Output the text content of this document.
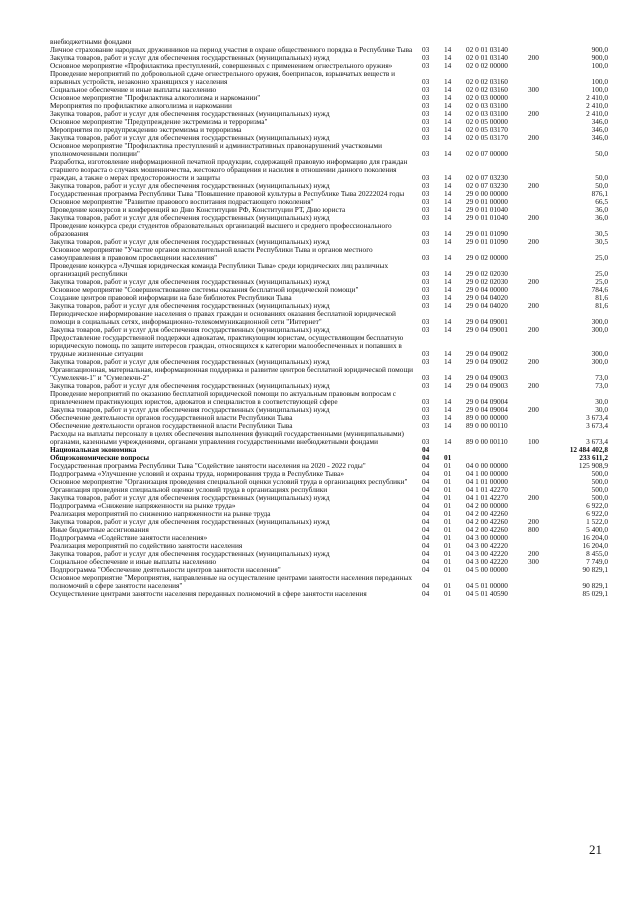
внебюджетными фондами					
Личное страхование народных дружинников на период участия в охране общественного порядка в Республике Тыва	03	14	02 0 01 03140		900,0
Закупка товаров, работ и услуг для обеспечения государственных (муниципальных) нужд	03	14	02 0 01 03140	200	900,0
Основное мероприятие «Профилактика преступлений, совершенных с применением огнестрельного оружия»	03	14	02 0 02 00000		100,0
Проведение мероприятий по добровольной сдаче огнестрельного оружия, боеприпасов, взрывчатых веществ и взрывных устройств, незаконно хранящихся у населения	03	14	02 0 02 03160		100,0
Социальное обеспечение и иные выплаты населению	03	14	02 0 02 03160	300	100,0
Основное мероприятие "Профилактика алкоголизма и наркомании"	03	14	02 0 03 00000		2 410,0
Мероприятия по профилактике алкоголизма и наркомании	03	14	02 0 03 03100		2 410,0
Закупка товаров, работ и услуг для обеспечения государственных (муниципальных) нужд	03	14	02 0 03 03100	200	2 410,0
Основное мероприятие "Предупреждение экстремизма и терроризма"	03	14	02 0 05 00000		346,0
Мероприятия по предупреждению экстремизма и терроризма	03	14	02 0 05 03170		346,0
Закупка товаров, работ и услуг для обеспечения государственных (муниципальных) нужд	03	14	02 0 05 03170	200	346,0
Основное мероприятие "Профилактика преступлений и административных правонарушений участковыми уполномоченными полиции"	03	14	02 0 07 00000		50,0
Разработка, изготовление информационной печатной продукции, содержащей правовую информацию для граждан старшего возраста о случаях мошенничества, жестокого обращения и насилия в отношении данного поколения граждан, а также о мерах предосторожности и защиты	03	14	02 0 07 03230		50,0
Закупка товаров, работ и услуг для обеспечения государственных (муниципальных) нужд	03	14	02 0 07 03230	200	50,0
Государственная программа Республики Тыва "Повышение правовой культуры в Республике Тыва 20222024 годы	03	14	29 0 00 00000		876,1
Основное мероприятие "Развитие правового воспитания подрастающего поколения"	03	14	29 0 01 00000		66,5
Проведение конкурсов и конференций ко Дню Конституции РФ, Конституции РТ, Дню юриста	03	14	29 0 01 01040		36,0
Закупка товаров, работ и услуг для обеспечения государственных (муниципальных) нужд	03	14	29 0 01 01040	200	36,0
Проведение конкурса среди студентов образовательных организаций высшего и среднего профессионального образования	03	14	29 0 01 01090		30,5
Закупка товаров, работ и услуг для обеспечения государственных (муниципальных) нужд	03	14	29 0 01 01090	200	30,5
Основное мероприятие "Участие органов исполнительной власти Республики Тыва и органов местного самоуправления в правовом просвещении населения"	03	14	29 0 02 00000		25,0
Проведение конкурса «Лучшая юридическая команда Республики Тыва» среди юридических лиц различных организаций республики	03	14	29 0 02 02030		25,0
Закупка товаров, работ и услуг для обеспечения государственных (муниципальных) нужд	03	14	29 0 02 02030	200	25,0
Основное мероприятие "Совершенствование системы оказания бесплатной юридической помощи"	03	14	29 0 04 00000		784,6
Создание центров правовой информации на базе библиотек Республики Тыва	03	14	29 0 04 04020		81,6
Закупка товаров, работ и услуг для обеспечения государственных (муниципальных) нужд	03	14	29 0 04 04020	200	81,6
Периодическое информирование населения о правах граждан и основаниях оказания бесплатной юридической помощи в социальных сетях, информационно-телекоммуникационной сети "Интернет"	03	14	29 0 04 09001		300,0
Закупка товаров, работ и услуг для обеспечения государственных (муниципальных) нужд	03	14	29 0 04 09001	200	300,0
Предоставление государственной поддержки адвокатам, практикующим юристам, осуществляющим бесплатную юридическую помощь по защите интересов граждан, относящихся к категории малообеспеченных и попавших в трудные жизненные ситуации	03	14	29 0 04 09002		300,0
Закупка товаров, работ и услуг для обеспечения государственных (муниципальных) нужд	03	14	29 0 04 09002	200	300,0
Организационная, материальная, информационная поддержка и развитие центров бесплатной юридической помощи "Сумелекчи-1" и "Сумелекчи-2"	03	14	29 0 04 09003		73,0
Закупка товаров, работ и услуг для обеспечения государственных (муниципальных) нужд	03	14	29 0 04 09003	200	73,0
Проведение мероприятий по оказанию бесплатной юридической помощи по актуальным правовым вопросам с привлечением практикующих юристов, адвокатов и специалистов в соответствующей сфере	03	14	29 0 04 09004		30,0
Закупка товаров, работ и услуг для обеспечения государственных (муниципальных) нужд	03	14	29 0 04 09004	200	30,0
Обеспечение деятельности органов государственной власти Республики Тыва	03	14	89 0 00 00000		3 673,4
Обеспечение деятельности органов государственной власти Республики Тыва	03	14	89 0 00 00110		3 673,4
Расходы на выплаты персоналу в целях обеспечения выполнения функций государственными (муниципальными) органами, казенными учреждениями, органами управления государственными внебюджетными фондами	03	14	89 0 00 00110	100	3 673,4
Национальная экономика	04				12 484 402,8
Общеэкономические вопросы	04	01			233 611,2
Государственная программа Республики Тыва "Содействие занятости населения на 2020 - 2022 годы"	04	01	04 0 00 00000		125 908,9
Подпрограмма «Улучшение условий и охраны труда, нормирования труда в Республике Тыва»	04	01	04 1 00 00000		500,0
Основное мероприятие "Организация проведения специальной оценки условий труда в организациях республики"	04	01	04 1 01 00000		500,0
Организация проведения специальной оценки условий труда в организациях республики	04	01	04 1 01 42270		500,0
Закупка товаров, работ и услуг для обеспечения государственных (муниципальных) нужд	04	01	04 1 01 42270	200	500,0
Подпрограмма «Снижение напряженности на рынке труда»	04	01	04 2 00 00000		6 922,0
Реализация мероприятий по снижению напряженности на рынке труда	04	01	04 2 00 42260		6 922,0
Закупка товаров, работ и услуг для обеспечения государственных (муниципальных) нужд	04	01	04 2 00 42260	200	1 522,0
Иные бюджетные ассигнования	04	01	04 2 00 42260	800	5 400,0
Подпрограмма «Содействие занятости населения»	04	01	04 3 00 00000		16 204,0
Реализация мероприятий по содействию занятости населения	04	01	04 3 00 42220		16 204,0
Закупка товаров, работ и услуг для обеспечения государственных (муниципальных) нужд	04	01	04 3 00 42220	200	8 455,0
Социальное обеспечение и иные выплаты населению	04	01	04 3 00 42220	300	7 749,0
Подпрограмма "Обеспечение деятельности центров занятости населения"	04	01	04 5 00 00000		90 829,1
Основное мероприятие "Мероприятия, направленные на осуществление центрами занятости населения переданных полномочий в сфере занятости населения"	04	01	04 5 01 00000		90 829,1
Осуществление центрами занятости населения переданных полномочий в сфере занятости населения	04	01	04 5 01 40590		85 029,1
21
